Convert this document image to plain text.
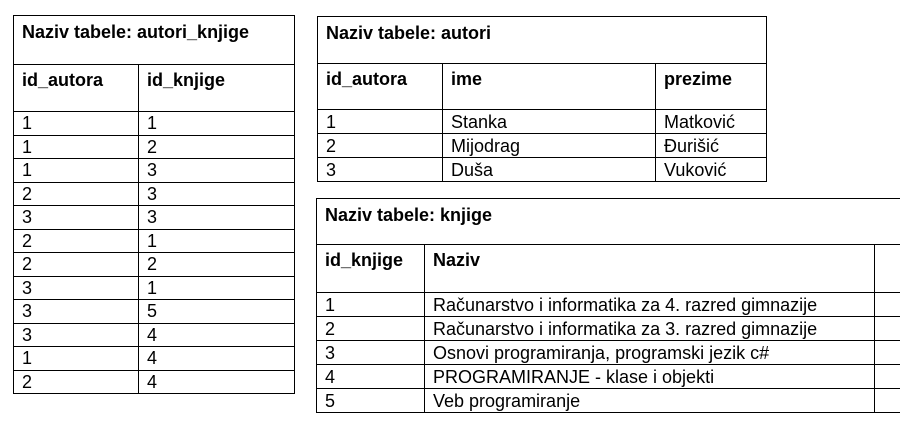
Naziv tabele: autori_knjige	
id_autora	id_knjige
1	1
1	2
1	3
2	3
3	3
2	1
2	2
3	1
3	5
3	4
1	4
2	4
Naziv tabele: autori		
id_autora	ime	prezime
1	Stanka	Matković
2	Mijodrag	Đurišić
3	Duša	Vuković
Naziv tabele: knjige		
id_knjige	Naziv	
1	Računarstvo i informatika za 4. razred gimnazije	
2	Računarstvo i informatika za 3. razred gimnazije	
3	Osnovi programiranja, programski jezik c#	
4	PROGRAMIRANJE - klase i objekti	
5	Veb programiranje	
